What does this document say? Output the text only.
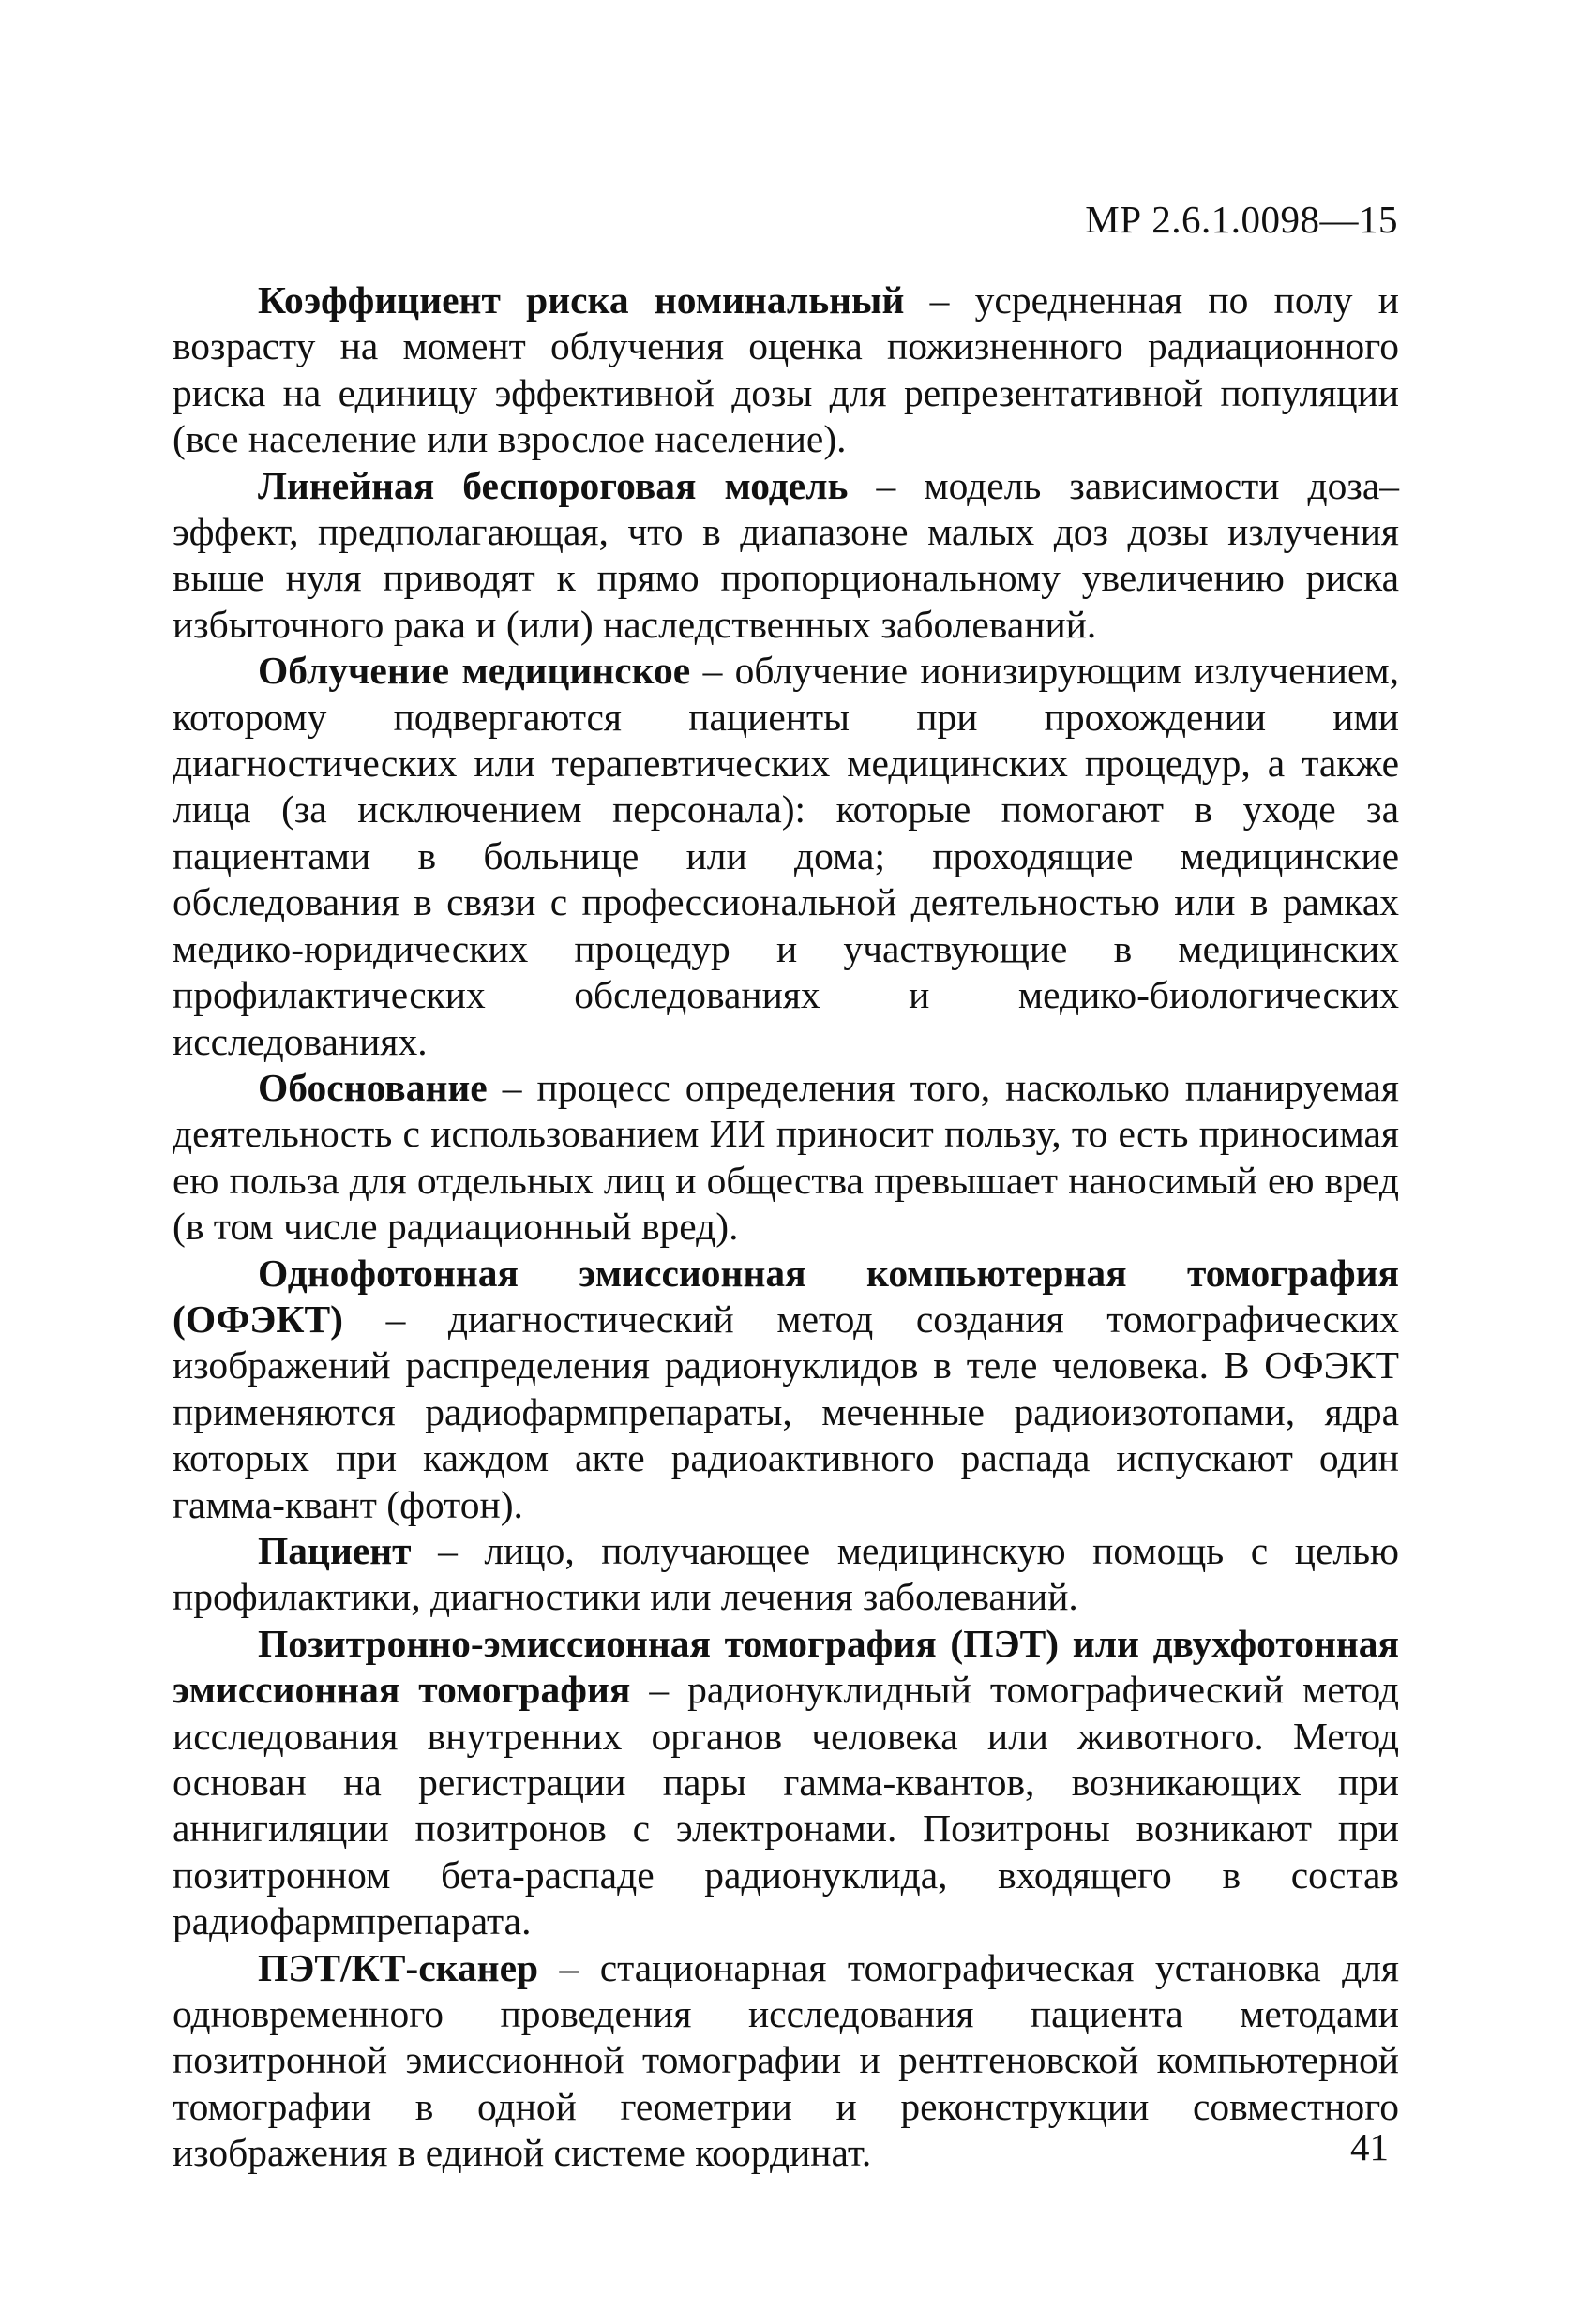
МР 2.6.1.0098—15

Коэффициент риска номинальный – усредненная по полу и возрасту на момент облучения оценка пожизненного радиационного риска на единицу эффективной дозы для репрезентативной популяции (все население или взрослое население).

Линейная беспороговая модель – модель зависимости доза–эффект, предполагающая, что в диапазоне малых доз дозы излучения выше нуля приводят к прямо пропорциональному увеличению риска избыточного рака и (или) наследственных заболеваний.

Облучение медицинское – облучение ионизирующим излучением, которому подвергаются пациенты при прохождении ими диагностических или терапевтических медицинских процедур, а также лица (за исключением персонала): которые помогают в уходе за пациентами в больнице или дома; проходящие медицинские обследования в связи с профессиональной деятельностью или в рамках медико-юридических процедур и участвующие в медицинских профилактических обследованиях и медико-биологических исследованиях.

Обоснование – процесс определения того, насколько планируемая деятельность с использованием ИИ приносит пользу, то есть приносимая ею польза для отдельных лиц и общества превышает наносимый ею вред (в том числе радиационный вред).

Однофотонная эмиссионная компьютерная томография (ОФЭКТ) – диагностический метод создания томографических изображений распределения радионуклидов в теле человека. В ОФЭКТ применяются радиофармпрепараты, меченные радиоизотопами, ядра которых при каждом акте радиоактивного распада испускают один гамма-квант (фотон).

Пациент – лицо, получающее медицинскую помощь с целью профилактики, диагностики или лечения заболеваний.

Позитронно-эмиссионная томография (ПЭТ) или двухфотонная эмиссионная томография – радионуклидный томографический метод исследования внутренних органов человека или животного. Метод основан на регистрации пары гамма-квантов, возникающих при аннигиляции позитронов с электронами. Позитроны возникают при позитронном бета-распаде радионуклида, входящего в состав радиофармпрепарата.

ПЭТ/КТ-сканер – стационарная томографическая установка для одновременного проведения исследования пациента методами позитронной эмиссионной томографии и рентгеновской компьютерной томографии в одной геометрии и реконструкции совместного изображения в единой системе координат.	41
